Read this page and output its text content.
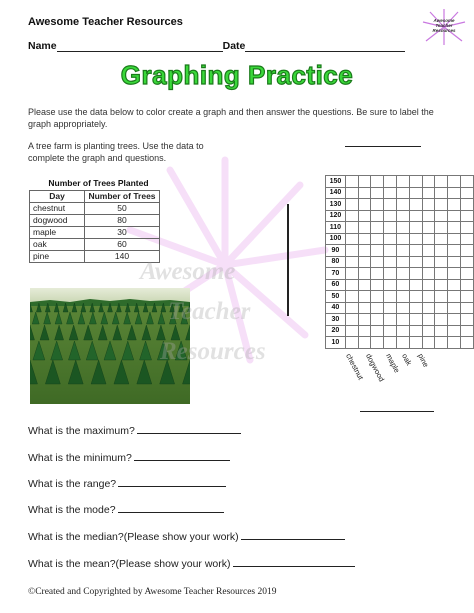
Awesome Teacher Resources	Awesome
Teacher
Resources
Name	Date
Graphing Practice
Please use the data below to color create a graph and then answer the questions. Be sure to label the graph appropriately.
A tree farm is planting trees. Use the data to complete the graph and questions.
Number of Trees Planted
Day	Number of Trees
chestnut	50
dogwood	80
maple	30
oak	60
pine	140
Awesome
Teacher
Resources
150										
140										
130										
120										
110										
100										
90										
80										
70										
60										
50										
40										
30										
20										
10										
chestnut
dogwood
maple
oak pine
What is the maximum?
What is the minimum?
What is the range?
What is the mode?
What is the median?(Please show your work)
What is the mean?(Please show your work)
©Created and Copyrighted by Awesome Teacher Resources 2019
